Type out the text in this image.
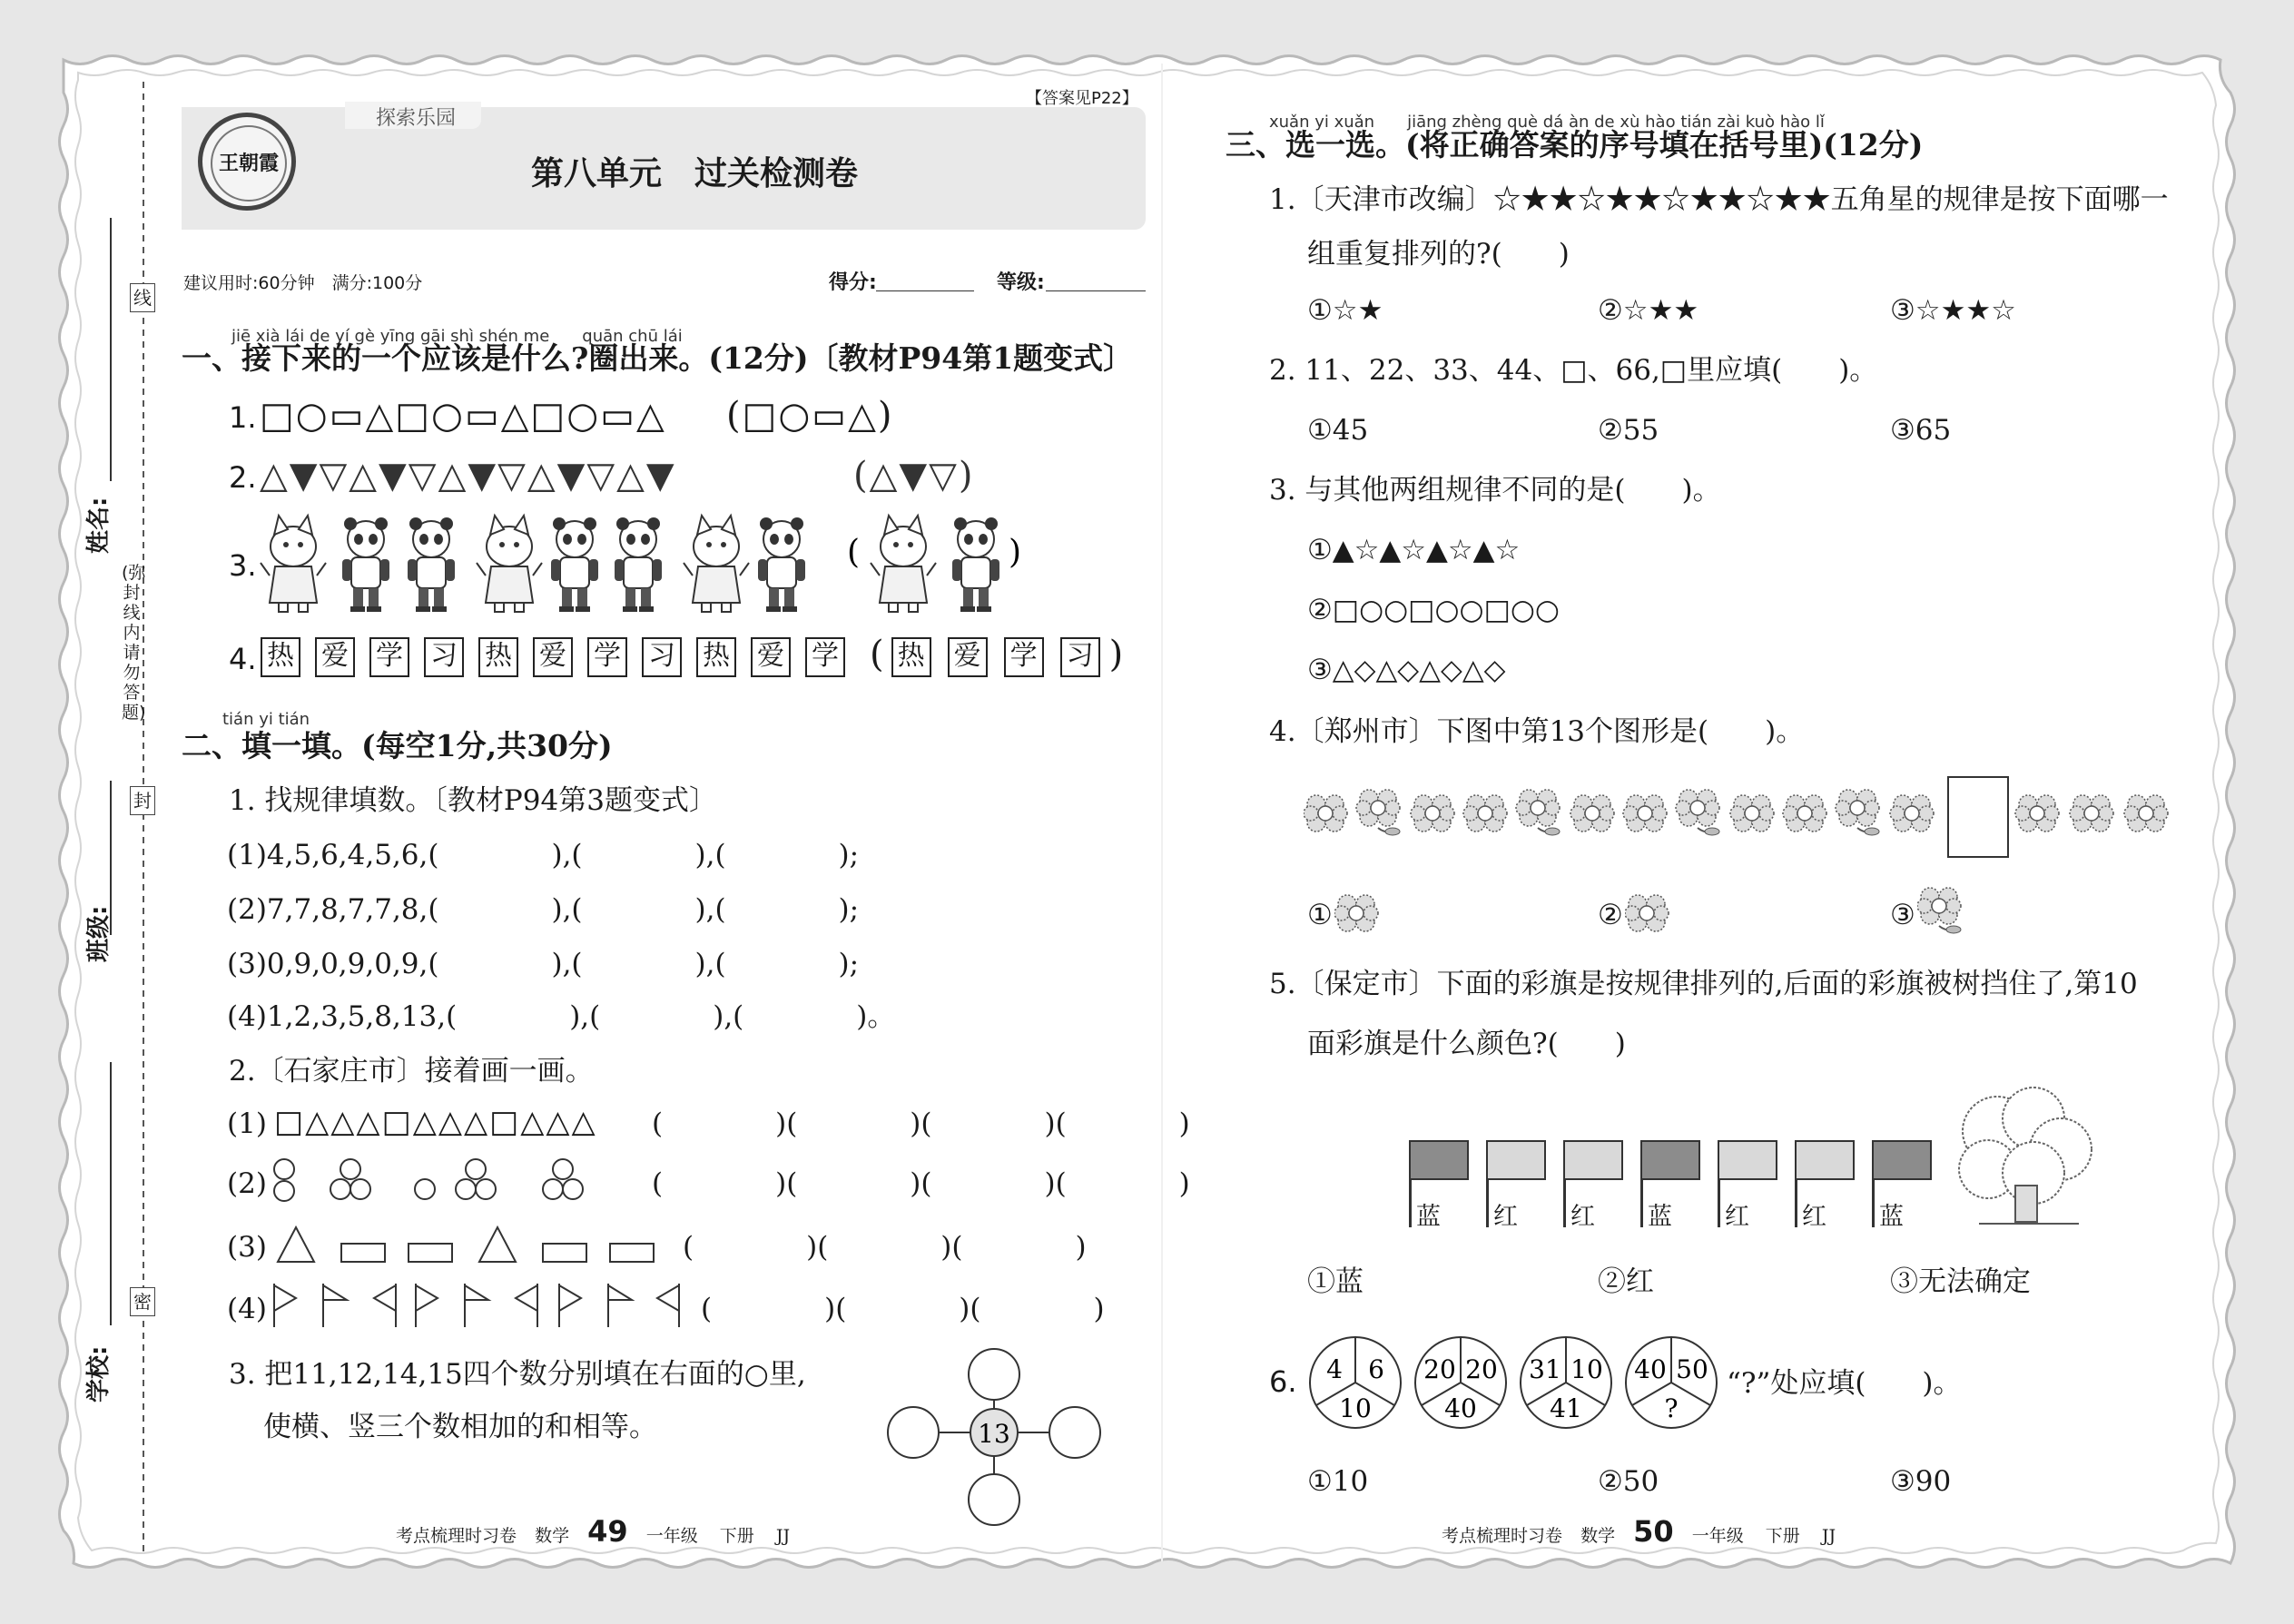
姓名:
班级:
学校:
线
封
密
(弥封线内请勿答题)
探索乐园
第八单元　过关检测卷
【答案见P22】
王朝霞
建议用时:60分钟　满分:100分	得分:	等级:
jiē xià lái de yí gè yīng gāi shì shén me　　quān chū lái
一、接下来的一个应该是什么?圈出来。(12分)〔教材P94第1题变式〕
1. □○▭△□○▭△□○▭△ (□○▭△)
2. △▼▽△▼▽△▼▽△▼▽△▼	(△▼▽)
3.	(	)
4. 热 爱 学 习 热 爱 学 习 热 爱 学 ( 热 爱 学 习 )
tián yi tián
二、填一填。(每空1分,共30分)
1. 找规律填数。〔教材P94第3题变式〕
(1)4,5,6,4,5,6,(　　　　),(　　　　),(　　　　);
(2)7,7,8,7,7,8,(　　　　),(　　　　),(　　　　);
(3)0,9,0,9,0,9,(　　　　),(　　　　),(　　　　);
(4)1,2,3,5,8,13,(　　　　),(　　　　),(　　　　)。
2.〔石家庄市〕接着画一画。
(1) □△△△□△△△□△△△ (　　　　)(　　　　)(　　　　)(　　　　)
(2)	(　　　　)(　　　　)(　　　　)(　　　　)
(3)	(　　　　)(　　　　)(　　　　)
(4)	(　　　　)(　　　　)(　　　　)
3. 把11,12,14,15四个数分别填在右面的○里,
使横、竖三个数相加的和相等。	13
考点梳理时习卷 数学 49 一年级 下册 JJ
xuǎn yi xuǎn　　jiāng zhèng què dá àn de xù hào tián zài kuò hào lǐ
三、选一选。(将正确答案的序号填在括号里)(12分)
1.〔天津市改编〕☆★★☆★★☆★★☆★★五角星的规律是按下面哪一
组重复排列的?(　　)
①☆★	②☆★★	③☆★★☆
2. 11、22、33、44、□、66,□里应填(　　)。
①45	②55	③65
3. 与其他两组规律不同的是(　　)。
①▲☆▲☆▲☆▲☆
②□○○□○○□○○
③△◇△◇△◇△◇
4.〔郑州市〕下图中第13个图形是(　　)。
①	②	③
5.〔保定市〕下面的彩旗是按规律排列的,后面的彩旗被树挡住了,第10
面彩旗是什么颜色?(　　)
蓝 红 红 蓝 红 红 蓝
①蓝	②红	③无法确定
6. 4 6
10
20 20
40
31 10
41
40 50
?
“?”处应填(　　)。
①10	②50	③90
考点梳理时习卷 数学 50 一年级 下册 JJ
